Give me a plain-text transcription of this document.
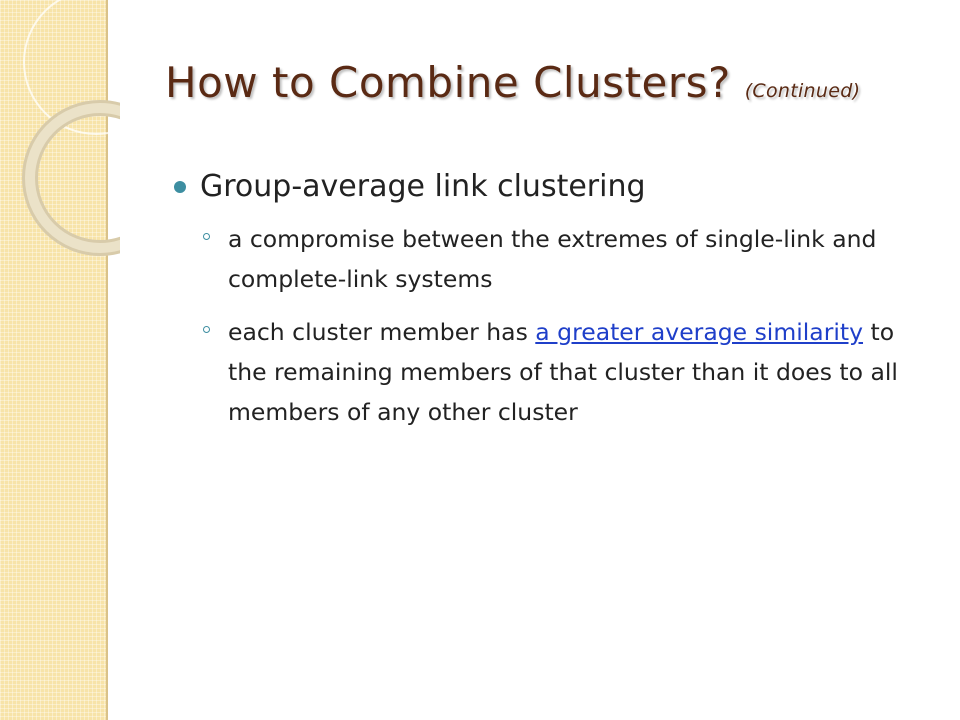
How to Combine Clusters? (Continued)
Group-average link clustering
a compromise between the extremes of single-link and complete-link systems
each cluster member has a greater average similarity to the remaining members of that cluster than it does to all members of any other cluster
